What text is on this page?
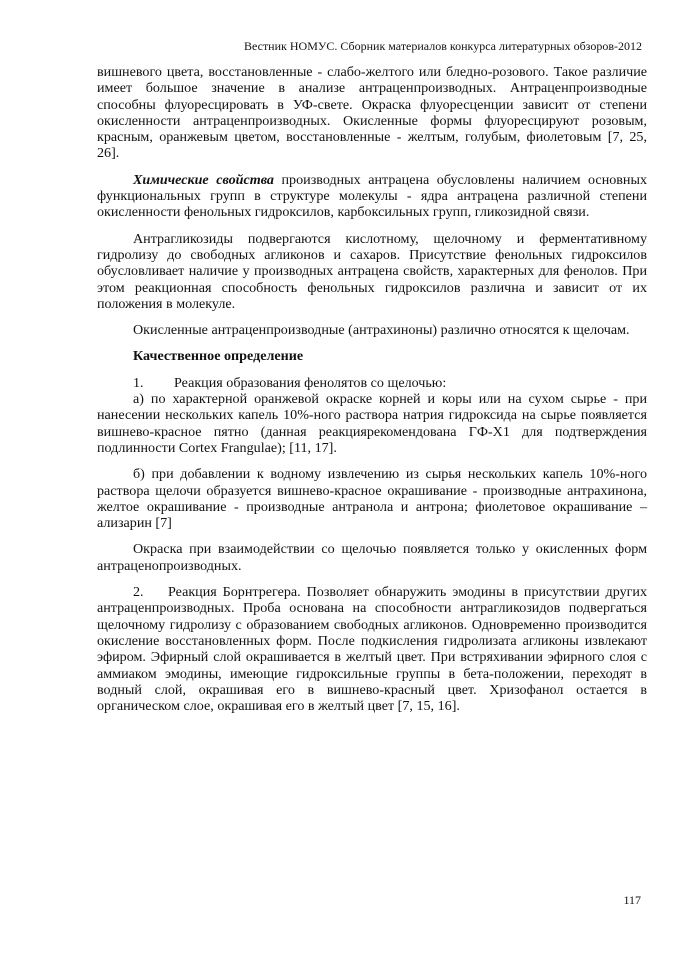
Вестник НОМУС. Сборник материалов конкурса литературных обзоров-2012

вишневого цвета, восстановленные - слабо-желтого или бледно-розового. Такое различие имеет большое значение в анализе антраценпроизводных. Антраценпроизводные способны флуоресцировать в УФ-свете. Окраска флуоресценции зависит от степени окисленности антраценпроизводных. Окисленные формы флуоресцируют розовым, красным, оранжевым цветом, восстановленные - желтым, голубым, фиолетовым [7, 25, 26].

Химические свойства производных антрацена обусловлены наличием основных функциональных групп в структуре молекулы - ядра антрацена различной степени окисленности фенольных гидроксилов, карбоксильных групп, гликозидной связи.

Антрагликозиды подвергаются кислотному, щелочному и ферментативному гидролизу до свободных агликонов и сахаров. Присутствие фенольных гидроксилов обусловливает наличие у производных антрацена свойств, характерных для фенолов. При этом реакционная способность фенольных гидроксилов различна и зависит от их положения в молекуле.

Окисленные антраценпроизводные (антрахиноны) различно относятся к щелочам.

Качественное определение

1. Реакция образования фенолятов со щелочью:

а) по характерной оранжевой окраске корней и коры или на сухом сырье - при нанесении нескольких капель 10%-ного раствора натрия гидроксида на сырье появляется вишнево-красное пятно (данная реакциярекомендована ГФ-Х1 для подтверждения подлинности Cortex Frangulae); [11, 17].

б) при добавлении к водному извлечению из сырья нескольких капель 10%-ного раствора щелочи образуется вишнево-красное окрашивание - производные антрахинона, желтое окрашивание - производные антранола и антрона; фиолетовое окрашивание – ализарин [7]

Окраска при взаимодействии со щелочью появляется только у окисленных форм антраценопроизводных.

2. Реакция Борнтрегера. Позволяет обнаружить эмодины в присутствии других антраценпроизводных. Проба основана на способности антрагликозидов подвергаться щелочному гидролизу с образованием свободных агликонов. Одновременно производится окисление восстановленных форм. После подкисления гидролизата агликоны извлекают эфиром. Эфирный слой окрашивается в желтый цвет. При встряхивании эфирного слоя с аммиаком эмодины, имеющие гидроксильные группы в бета-положении, переходят в водный слой, окрашивая его в вишнево-красный цвет. Хризофанол остается в органическом слое, окрашивая его в желтый цвет [7, 15, 16].

117
